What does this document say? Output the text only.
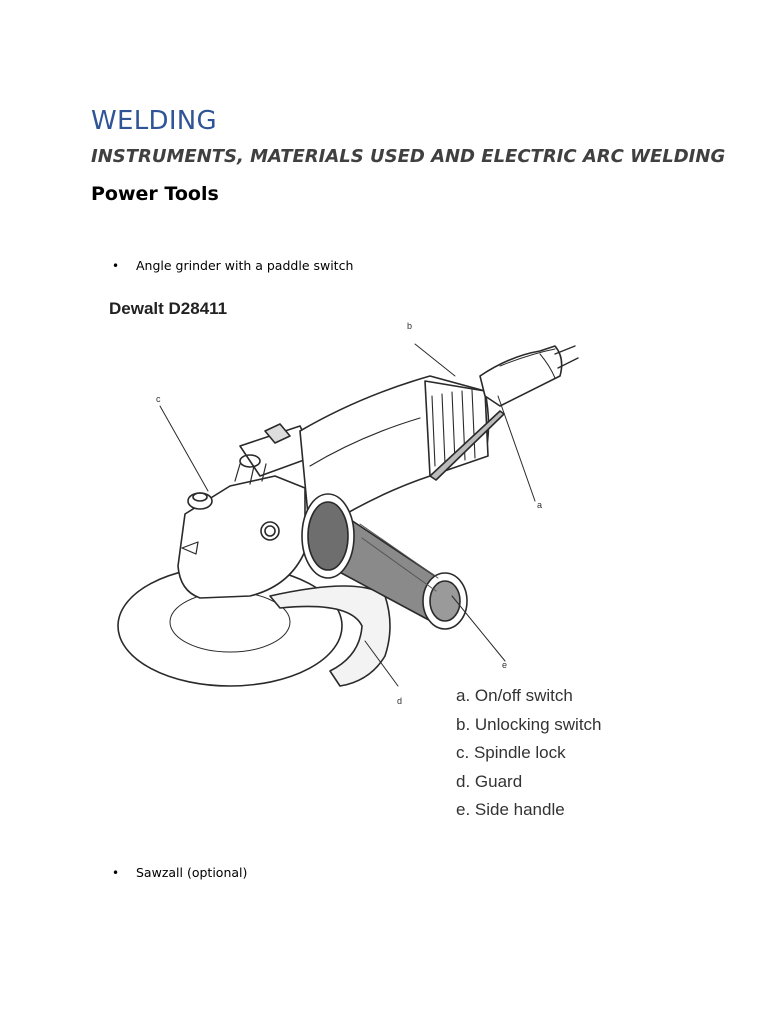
WELDING
INSTRUMENTS, MATERIALS USED AND ELECTRIC ARC WELDING
Power Tools
• Angle grinder with a paddle switch
Dewalt D28411
b
c
a
d
e
a. On/off switch
b. Unlocking switch
c. Spindle lock
d. Guard
e. Side handle
• Sawzall (optional)
